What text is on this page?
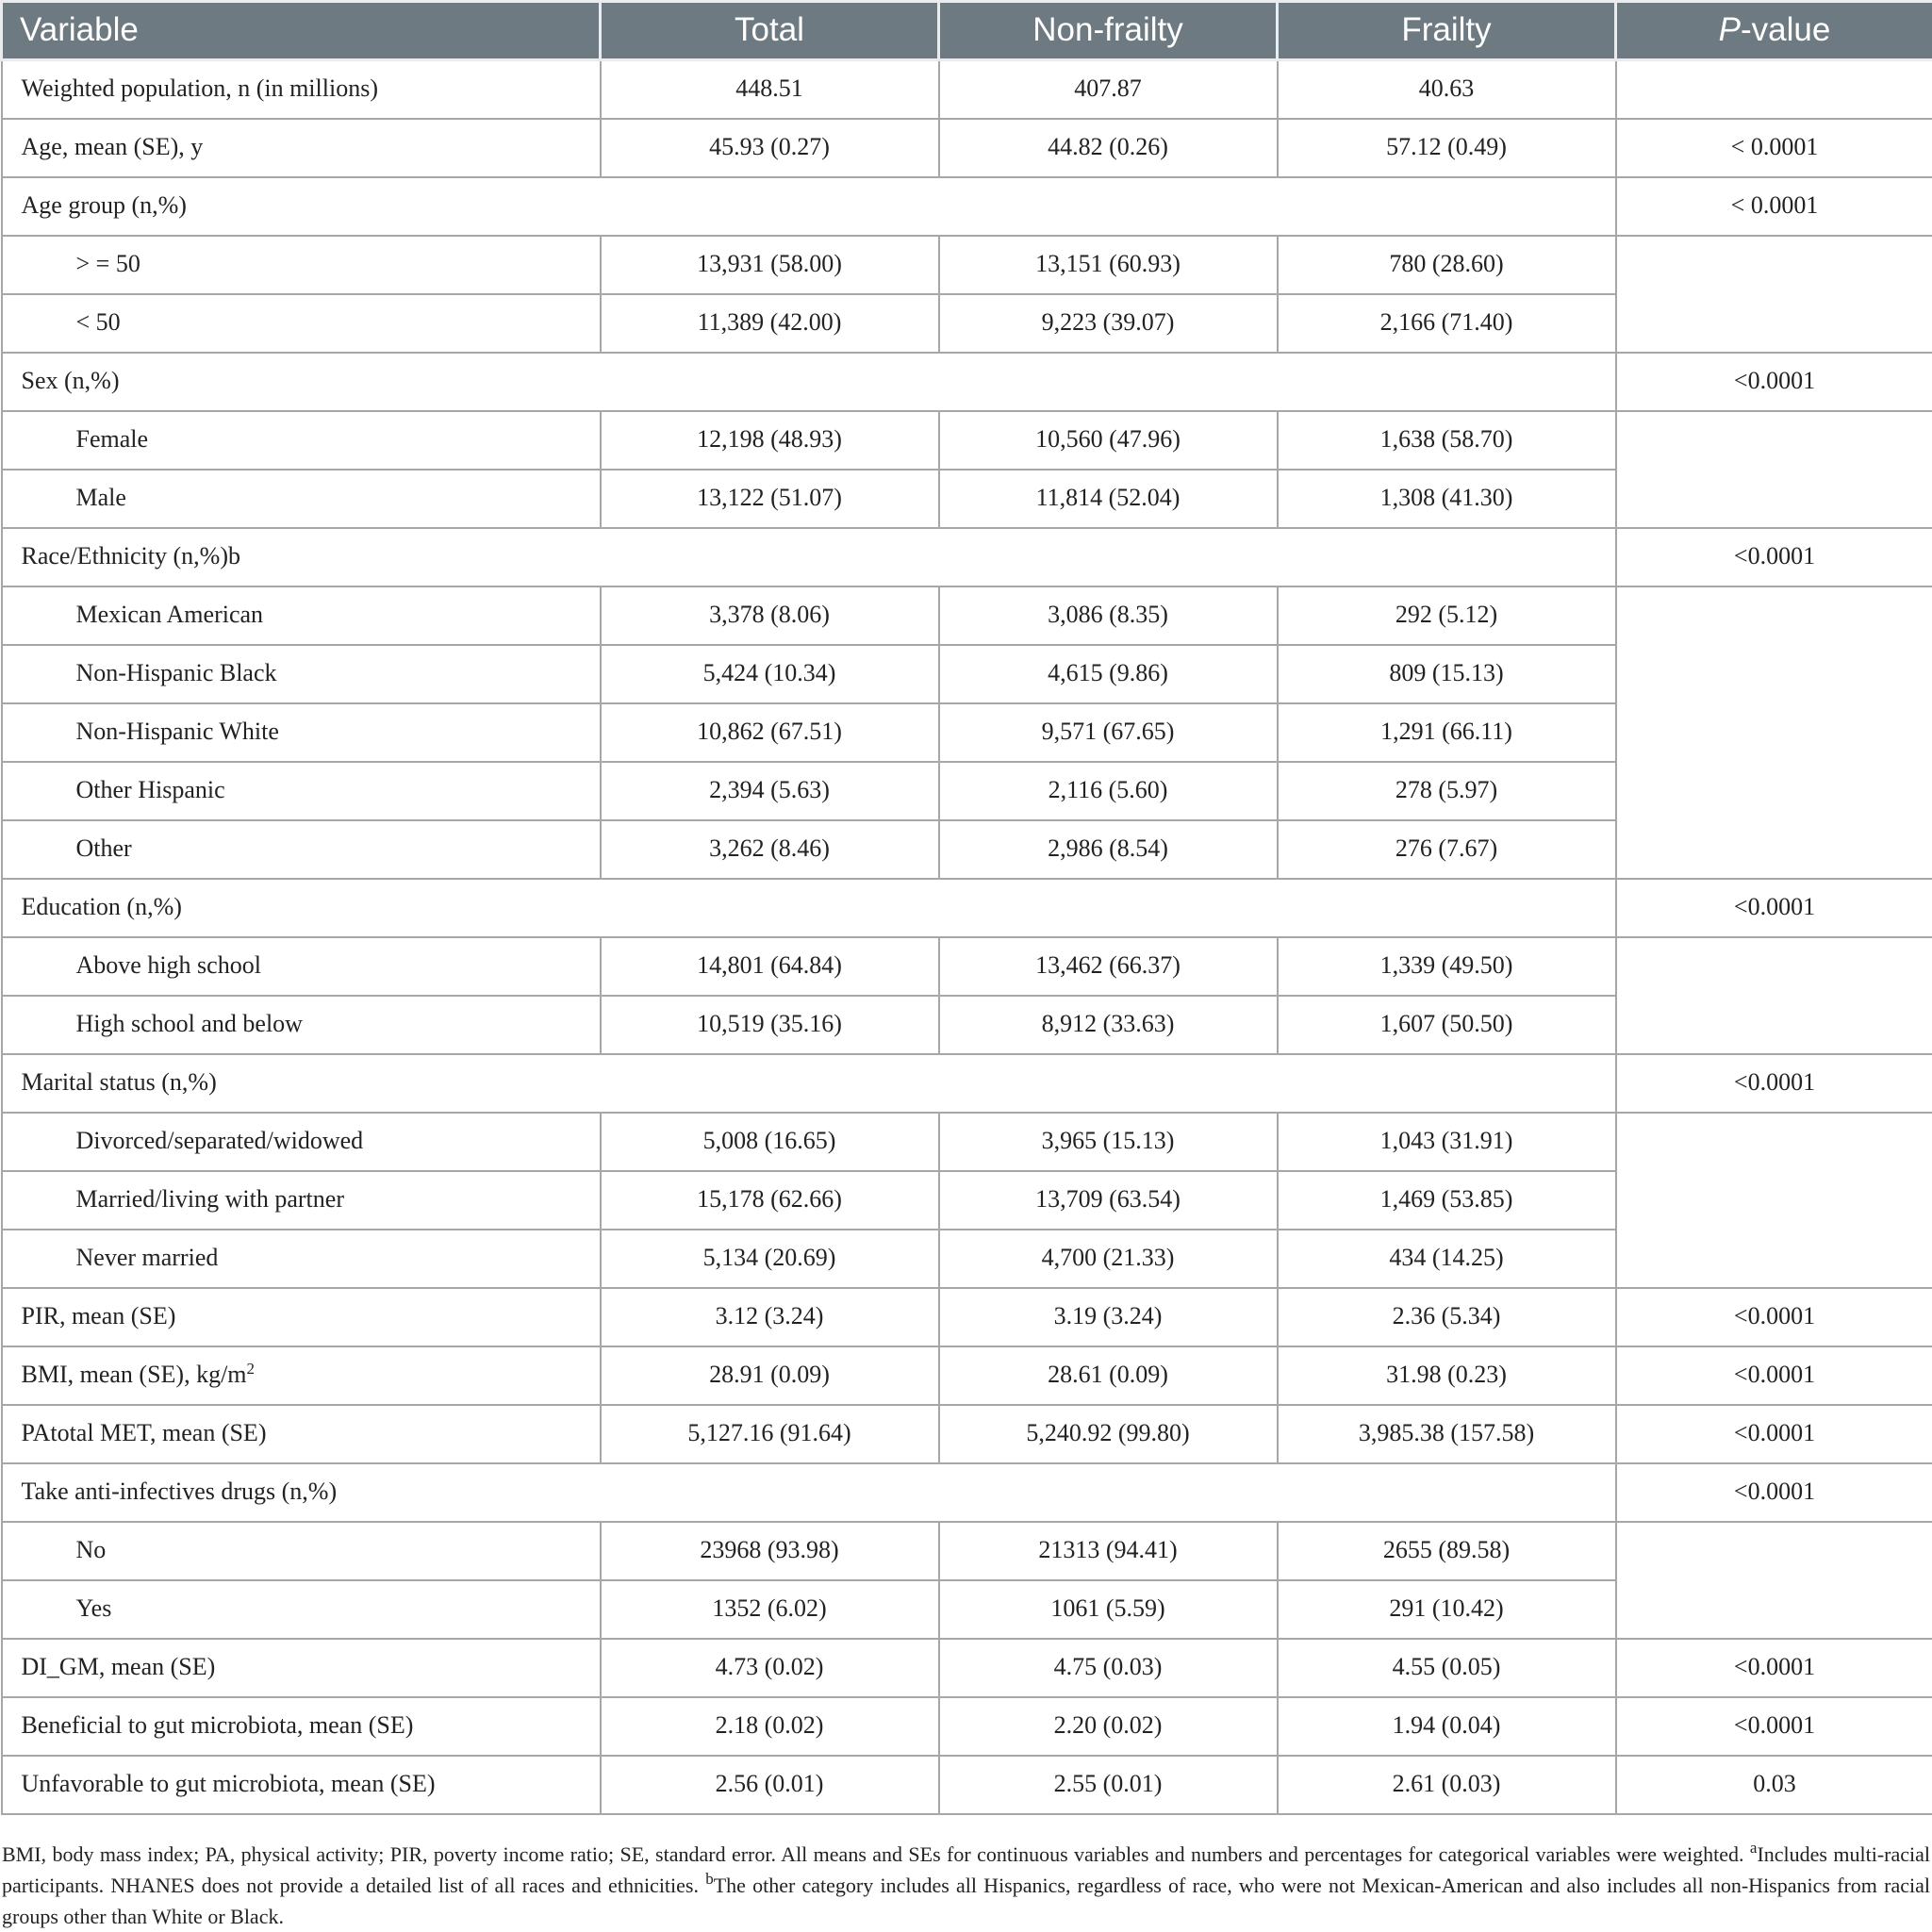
Variable	Total	Non-frailty	Frailty	P-value
Weighted population, n (in millions)	448.51	407.87	40.63	
Age, mean (SE), y	45.93 (0.27)	44.82 (0.26)	57.12 (0.49)	< 0.0001
Age group (n,%)				< 0.0001
> = 50	13,931 (58.00)	13,151 (60.93)	780 (28.60)	
< 50	11,389 (42.00)	9,223 (39.07)	2,166 (71.40)	
Sex (n,%)				<0.0001
Female	12,198 (48.93)	10,560 (47.96)	1,638 (58.70)	
Male	13,122 (51.07)	11,814 (52.04)	1,308 (41.30)	
Race/Ethnicity (n,%)b				<0.0001
Mexican American	3,378 (8.06)	3,086 (8.35)	292 (5.12)	
Non-Hispanic Black	5,424 (10.34)	4,615 (9.86)	809 (15.13)	
Non-Hispanic White	10,862 (67.51)	9,571 (67.65)	1,291 (66.11)	
Other Hispanic	2,394 (5.63)	2,116 (5.60)	278 (5.97)	
Other	3,262 (8.46)	2,986 (8.54)	276 (7.67)	
Education (n,%)				<0.0001
Above high school	14,801 (64.84)	13,462 (66.37)	1,339 (49.50)	
High school and below	10,519 (35.16)	8,912 (33.63)	1,607 (50.50)	
Marital status (n,%)				<0.0001
Divorced/separated/widowed	5,008 (16.65)	3,965 (15.13)	1,043 (31.91)	
Married/living with partner	15,178 (62.66)	13,709 (63.54)	1,469 (53.85)	
Never married	5,134 (20.69)	4,700 (21.33)	434 (14.25)	
PIR, mean (SE)	3.12 (3.24)	3.19 (3.24)	2.36 (5.34)	<0.0001
BMI, mean (SE), $kg/m^2$	28.91 (0.09)	28.61 (0.09)	31.98 (0.23)	<0.0001
PAtotal MET, mean (SE)	5,127.16 (91.64)	5,240.92 (99.80)	3,985.38 (157.58)	<0.0001
Take anti-infectives drugs (n,%)				<0.0001
No	23968 (93.98)	21313 (94.41)	2655 (89.58)	
Yes	1352 (6.02)	1061 (5.59)	291 (10.42)	
DI_GM, mean (SE)	4.73 (0.02)	4.75 (0.03)	4.55 (0.05)	<0.0001
Beneficial to gut microbiota, mean (SE)	2.18 (0.02)	2.20 (0.02)	1.94 (0.04)	<0.0001
Unfavorable to gut microbiota, mean (SE)	2.56 (0.01)	2.55 (0.01)	2.61 (0.03)	0.03
BMI, body mass index; PA, physical activity; PIR, poverty income ratio; SE, standard error. All means and SEs for continuous variables and numbers and percentages for categorical variables were weighted. $^a$Includes multi-racial participants. NHANES does not provide a detailed list of all races and ethnicities. $^b$The other category includes all Hispanics, regardless of race, who were not Mexican-American and also includes all non-Hispanics from racial groups other than White or Black.
